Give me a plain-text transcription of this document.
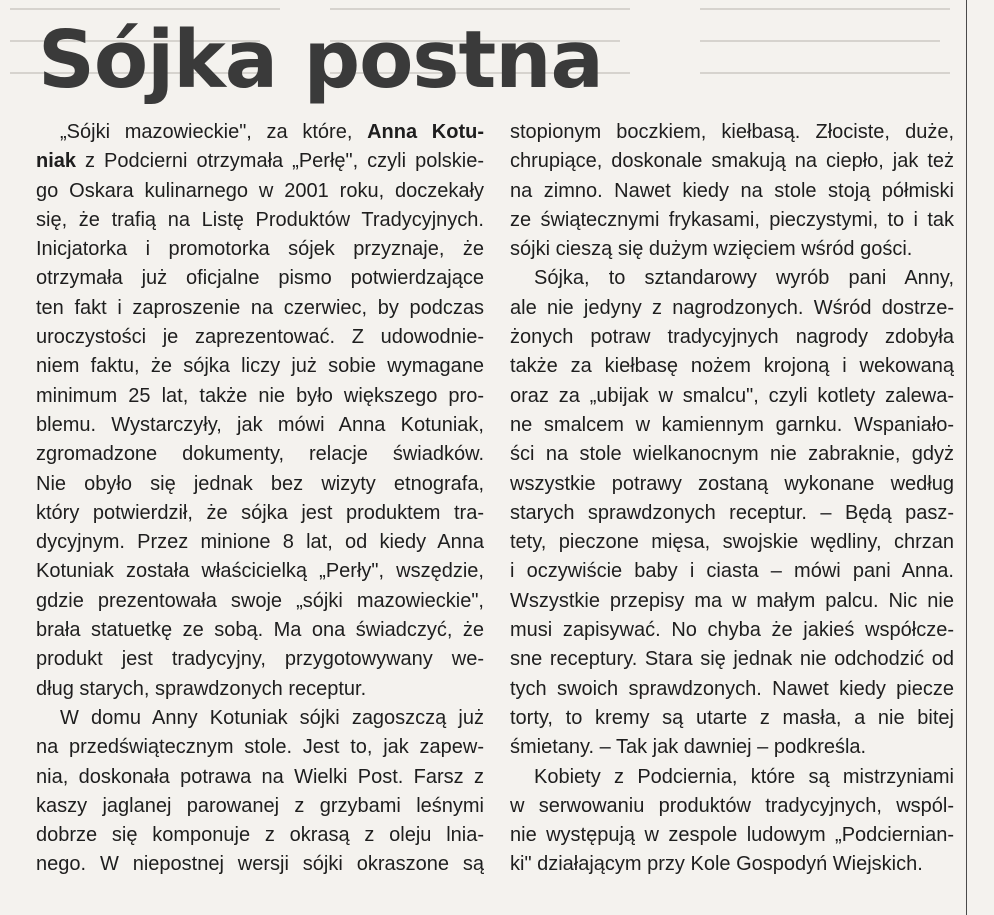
Sójka postna
„Sójki mazowieckie", za które, Anna Kotu-
niak z Podcierni otrzymała „Perłę", czyli polskie-
go Oskara kulinarnego w 2001 roku, doczekały
się, że trafią na Listę Produktów Tradycyjnych.
Inicjatorka i promotorka sójek przyznaje, że
otrzymała już oficjalne pismo potwierdzające
ten fakt i zaproszenie na czerwiec, by podczas
uroczystości je zaprezentować. Z udowodnie-
niem faktu, że sójka liczy już sobie wymagane
minimum 25 lat, także nie było większego pro-
blemu. Wystarczyły, jak mówi Anna Kotuniak,
zgromadzone dokumenty, relacje świadków.
Nie obyło się jednak bez wizyty etnografa,
który potwierdził, że sójka jest produktem tra-
dycyjnym. Przez minione 8 lat, od kiedy Anna
Kotuniak została właścicielką „Perły", wszędzie,
gdzie prezentowała swoje „sójki mazowieckie",
brała statuetkę ze sobą. Ma ona świadczyć, że
produkt jest tradycyjny, przygotowywany we-
dług starych, sprawdzonych receptur.
W domu Anny Kotuniak sójki zagoszczą już
na przedświątecznym stole. Jest to, jak zapew-
nia, doskonała potrawa na Wielki Post. Farsz z
kaszy jaglanej parowanej z grzybami leśnymi
dobrze się komponuje z okrasą z oleju lnia-
nego. W niepostnej wersji sójki okraszone są
stopionym boczkiem, kiełbasą. Złociste, duże,
chrupiące, doskonale smakują na ciepło, jak też
na zimno. Nawet kiedy na stole stoją półmiski
ze świątecznymi frykasami, pieczystymi, to i tak
sójki cieszą się dużym wzięciem wśród gości.
Sójka, to sztandarowy wyrób pani Anny,
ale nie jedyny z nagrodzonych. Wśród dostrze-
żonych potraw tradycyjnych nagrody zdobyła
także za kiełbasę nożem krojoną i wekowaną
oraz za „ubijak w smalcu", czyli kotlety zalewa-
ne smalcem w kamiennym garnku. Wspaniało-
ści na stole wielkanocnym nie zabraknie, gdyż
wszystkie potrawy zostaną wykonane według
starych sprawdzonych receptur. – Będą pasz-
tety, pieczone mięsa, swojskie wędliny, chrzan
i oczywiście baby i ciasta – mówi pani Anna.
Wszystkie przepisy ma w małym palcu. Nic nie
musi zapisywać. No chyba że jakieś współcze-
sne receptury. Stara się jednak nie odchodzić od
tych swoich sprawdzonych. Nawet kiedy piecze
torty, to kremy są utarte z masła, a nie bitej
śmietany. – Tak jak dawniej – podkreśla.
Kobiety z Podciernia, które są mistrzyniami
w serwowaniu produktów tradycyjnych, wspól-
nie występują w zespole ludowym „Podciernian-
ki" działającym przy Kole Gospodyń Wiejskich.
